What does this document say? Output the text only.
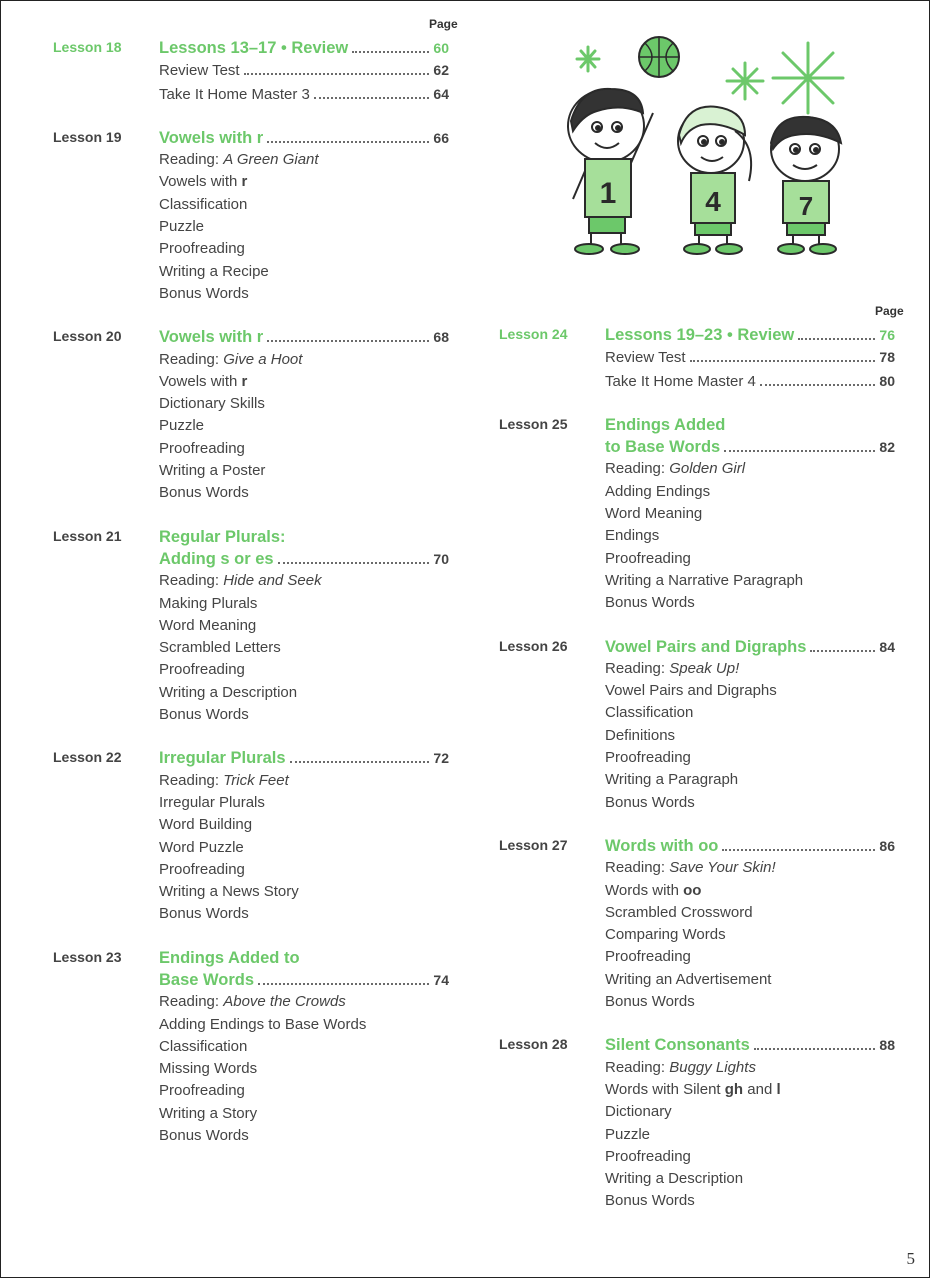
Page
Lesson 18 Lessons 13–17 • Review	60
Review Test	62
Take It Home Master 3	64
Lesson 19 Vowels with r	66
Reading: A Green Giant
Vowels with r
Classification
Puzzle
Proofreading
Writing a Recipe
Bonus Words
Lesson 20 Vowels with r	68
Reading: Give a Hoot
Vowels with r
Dictionary Skills
Puzzle
Proofreading
Writing a Poster
Bonus Words
Lesson 21 Regular Plurals:
Adding s or es	70
Reading: Hide and Seek
Making Plurals
Word Meaning
Scrambled Letters
Proofreading
Writing a Description
Bonus Words
Lesson 22 Irregular Plurals	72
Reading: Trick Feet
Irregular Plurals
Word Building
Word Puzzle
Proofreading
Writing a News Story
Bonus Words
Lesson 23 Endings Added to
Base Words	74
Reading: Above the Crowds
Adding Endings to Base Words
Classification
Missing Words
Proofreading
Writing a Story
Bonus Words
1	4	7
Page
Lesson 24 Lessons 19–23 • Review	76
Review Test	78
Take It Home Master 4	80
Lesson 25 Endings Added
to Base Words	82
Reading: Golden Girl
Adding Endings
Word Meaning
Endings
Proofreading
Writing a Narrative Paragraph
Bonus Words
Lesson 26 Vowel Pairs and Digraphs	84
Reading: Speak Up!
Vowel Pairs and Digraphs
Classification
Definitions
Proofreading
Writing a Paragraph
Bonus Words
Lesson 27 Words with oo	86
Reading: Save Your Skin!
Words with oo
Scrambled Crossword
Comparing Words
Proofreading
Writing an Advertisement
Bonus Words
Lesson 28 Silent Consonants	88
Reading: Buggy Lights
Words with Silent gh and l
Dictionary
Puzzle
Proofreading
Writing a Description
Bonus Words
5
